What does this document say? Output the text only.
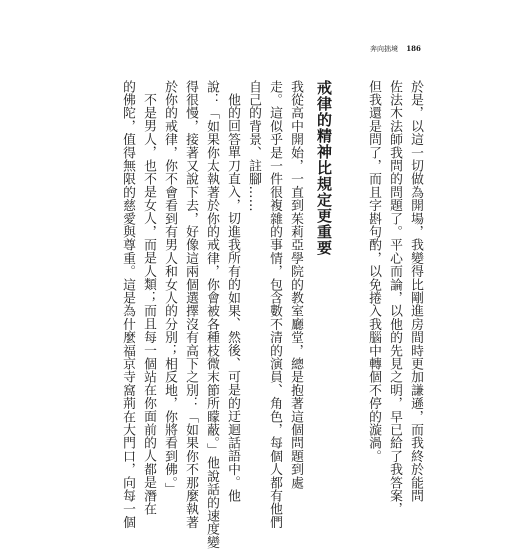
奔向拙境 186
於是，以這一切做為開場，我變得比剛進房間時更加謙遜，而我終於能問
佐法木法師我問的問題了。平心而論，以他的先見之明，早已給了我答案，
但我還是問了，而且字斟句酌，以免捲入我腦中轉個不停的漩渦。
戒律的精神比規定更重要
我從高中開始，一直到茱莉亞學院的教室廳堂，總是抱著這個問題到處
走。這似乎是一件很複雜的事情，包含數不清的演員、角色，每個人都有他們
自己的背景、註腳……
他的回答單刀直入，切進我所有的如果、然後、可是的迂迴話語中。他
說：「如果你太執著於你的戒律，你會被各種枝微末節所矇蔽。」他說話的速度變
得很慢，接著又說下去，好像這兩個選擇沒有高下之別：「如果你不那麼執著
於你的戒律，你不會看到有男人和女人的分別；相反地，你將看到佛。」
不是男人，也不是女人，而是人類；而且每一個站在你面前的人都是潛在
的佛陀，值得無限的慈愛與尊重。這是為什麼福京寺窩荊在大門口，向每一個
